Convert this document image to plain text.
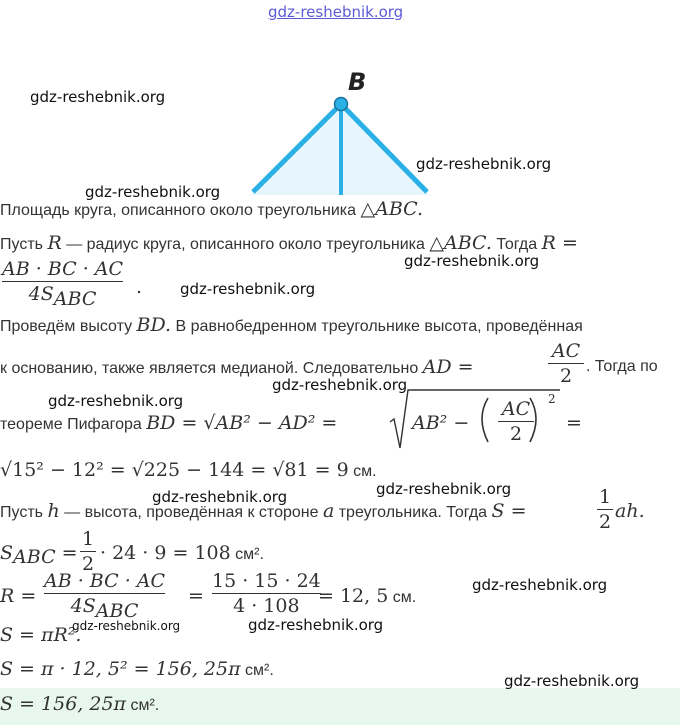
gdz-reshebnik.org
B
Площадь круга, описанного около треугольника △ABC.
Пусть R — радиус круга, описанного около треугольника △ABC. Тогда R =
AB · BC · AC
$4S_{ABC}$
.
Проведём высоту BD. В равнобедренном треугольнике высота, проведённая
к основанию, также является медианой. Следовательно AD =
AC
2 . Тогда по
теореме Пифагора BD = √AB² − AD² =	AB² −
AC
2
2
=
√15² − 12² = √225 − 144 = √81 = 9 см.
Пусть h — высота, проведённая к стороне a треугольника. Тогда S =
1
2 ah.
$S_{ABC}$ =
1
2 · 24 · 9 = 108 см².
R =
AB · BC · AC
$4S_{ABC}$
=
15 · 15 · 24
4 · 108 = 12, 5 см.
S = πR².
S = π · 12, 5² = 156, 25π см².
S = 156, 25π см².
gdz-reshebnik.org
gdz-reshebnik.org
gdz-reshebnik.org
gdz-reshebnik.org
gdz-reshebnik.org
gdz-reshebnik.org
gdz-reshebnik.org
gdz-reshebnik.org
gdz-reshebnik.org
gdz-reshebnik.org
gdz-reshebnik.org	gdz-reshebnik.org
gdz-reshebnik.org
